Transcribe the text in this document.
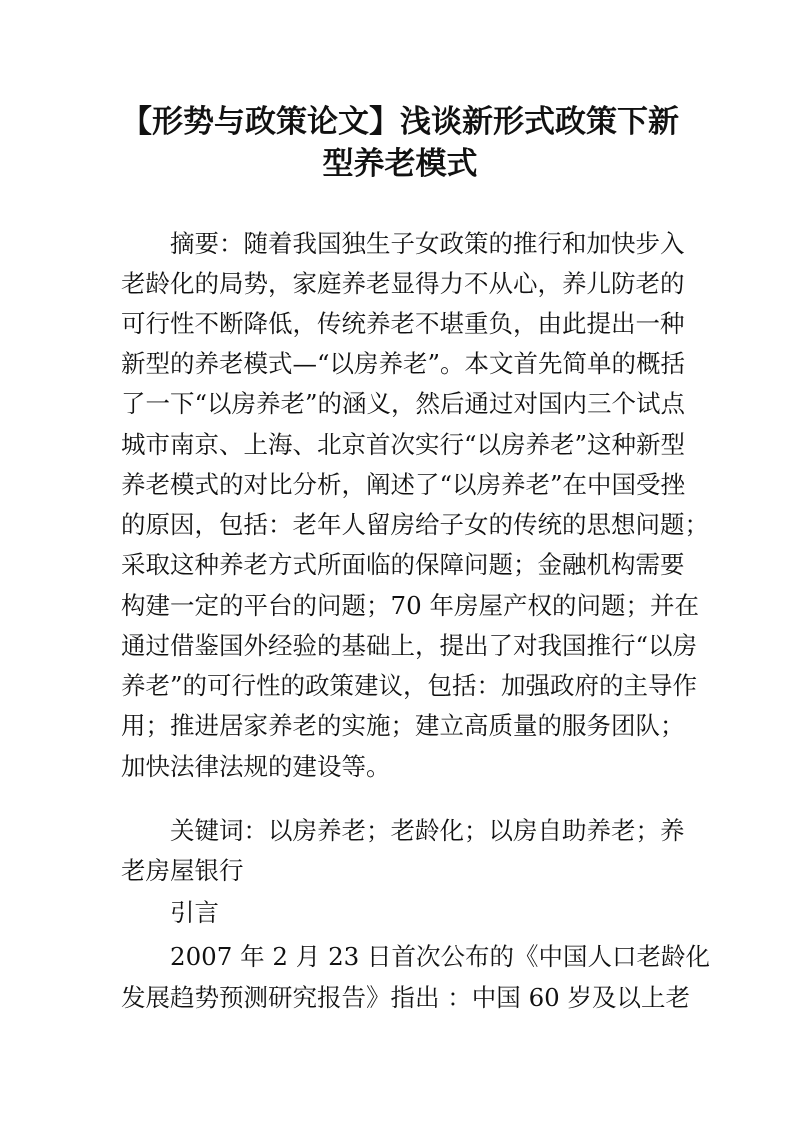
【形势与政策论文】浅谈新形式政策下新
型养老模式

摘要：随着我国独生子女政策的推行和加快步入

老龄化的局势，家庭养老显得力不从心，养儿防老的

可行性不断降低，传统养老不堪重负，由此提出一种

新型的养老模式—“以房养老”。本文首先简单的概括

了一下“以房养老”的涵义，然后通过对国内三个试点

城市南京、上海、北京首次实行“以房养老”这种新型

养老模式的对比分析，阐述了“以房养老”在中国受挫

的原因，包括：老年人留房给子女的传统的思想问题；

采取这种养老方式所面临的保障问题；金融机构需要

构建一定的平台的问题；70 年房屋产权的问题；并在

通过借鉴国外经验的基础上，提出了对我国推行“以房

养老”的可行性的政策建议，包括：加强政府的主导作

用；推进居家养老的实施；建立高质量的服务团队；

加快法律法规的建设等。

关键词：以房养老；老龄化；以房自助养老；养

老房屋银行

引言

2007 年 2 月 23 日首次公布的《中国人口老龄化

发展趋势预测研究报告》指出 ：中国 60 岁及以上老
